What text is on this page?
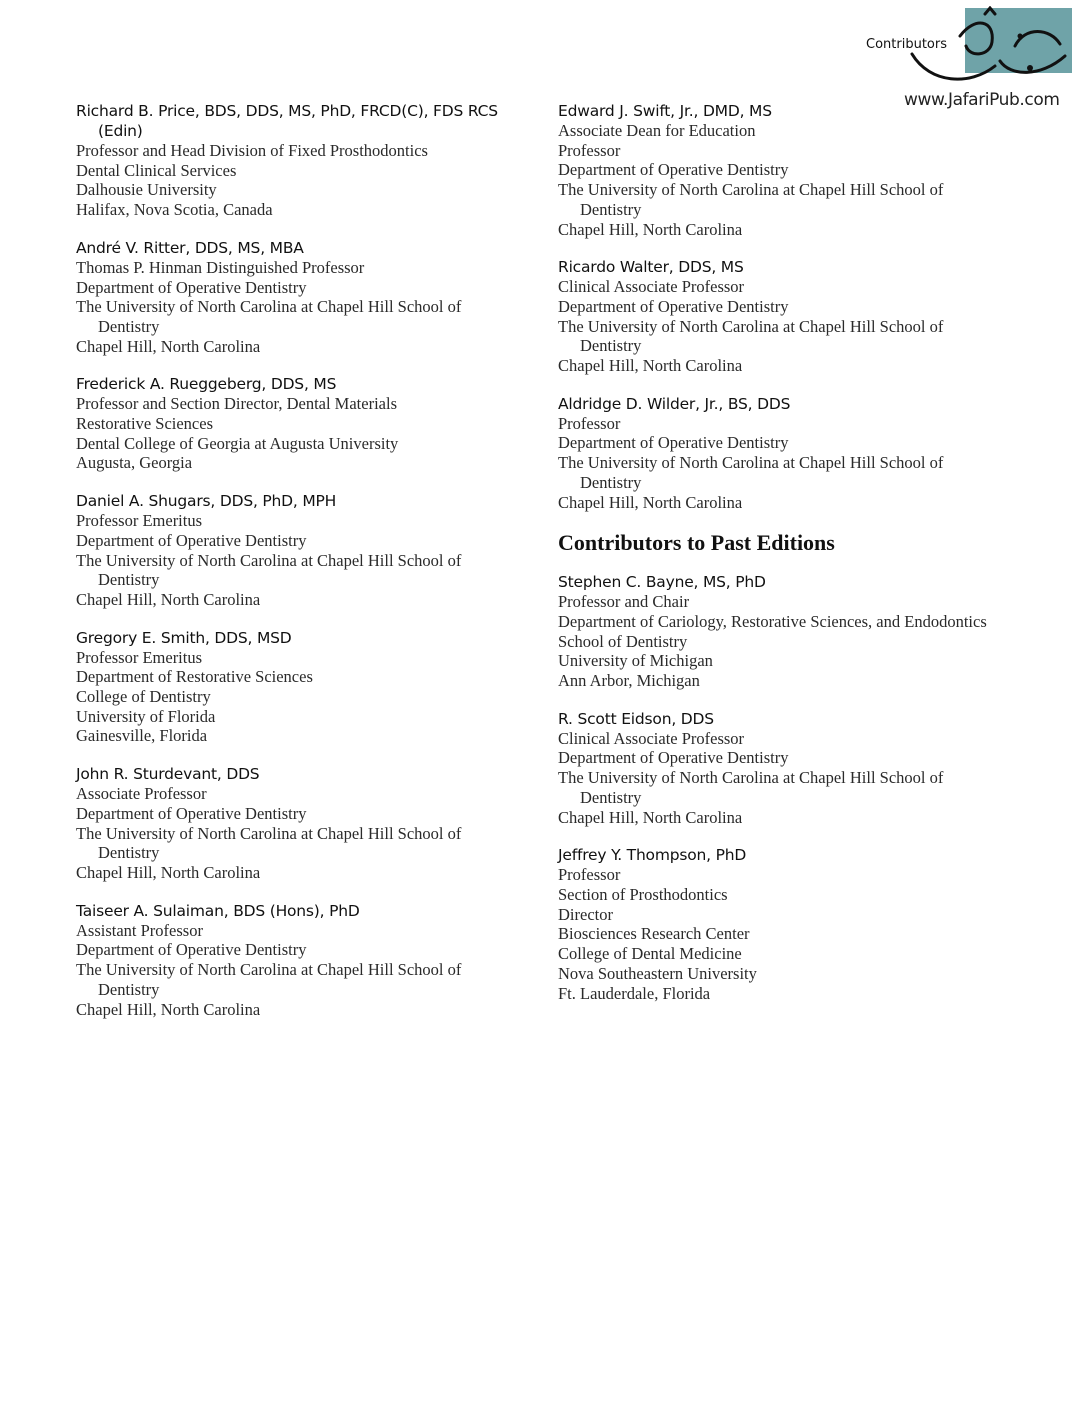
Contributors
www.JafariPub.com
Richard B. Price, BDS, DDS, MS, PhD, FRCD(C), FDS RCS (Edin)
Professor and Head Division of Fixed Prosthodontics
Dental Clinical Services
Dalhousie University
Halifax, Nova Scotia, Canada
André V. Ritter, DDS, MS, MBA
Thomas P. Hinman Distinguished Professor
Department of Operative Dentistry
The University of North Carolina at Chapel Hill School of Dentistry
Chapel Hill, North Carolina
Frederick A. Rueggeberg, DDS, MS
Professor and Section Director, Dental Materials
Restorative Sciences
Dental College of Georgia at Augusta University
Augusta, Georgia
Daniel A. Shugars, DDS, PhD, MPH
Professor Emeritus
Department of Operative Dentistry
The University of North Carolina at Chapel Hill School of Dentistry
Chapel Hill, North Carolina
Gregory E. Smith, DDS, MSD
Professor Emeritus
Department of Restorative Sciences
College of Dentistry
University of Florida
Gainesville, Florida
John R. Sturdevant, DDS
Associate Professor
Department of Operative Dentistry
The University of North Carolina at Chapel Hill School of Dentistry
Chapel Hill, North Carolina
Taiseer A. Sulaiman, BDS (Hons), PhD
Assistant Professor
Department of Operative Dentistry
The University of North Carolina at Chapel Hill School of Dentistry
Chapel Hill, North Carolina
Edward J. Swift, Jr., DMD, MS
Associate Dean for Education
Professor
Department of Operative Dentistry
The University of North Carolina at Chapel Hill School of Dentistry
Chapel Hill, North Carolina
Ricardo Walter, DDS, MS
Clinical Associate Professor
Department of Operative Dentistry
The University of North Carolina at Chapel Hill School of Dentistry
Chapel Hill, North Carolina
Aldridge D. Wilder, Jr., BS, DDS
Professor
Department of Operative Dentistry
The University of North Carolina at Chapel Hill School of Dentistry
Chapel Hill, North Carolina
Contributors to Past Editions
Stephen C. Bayne, MS, PhD
Professor and Chair
Department of Cariology, Restorative Sciences, and Endodontics
School of Dentistry
University of Michigan
Ann Arbor, Michigan
R. Scott Eidson, DDS
Clinical Associate Professor
Department of Operative Dentistry
The University of North Carolina at Chapel Hill School of Dentistry
Chapel Hill, North Carolina
Jeffrey Y. Thompson, PhD
Professor
Section of Prosthodontics
Director
Biosciences Research Center
College of Dental Medicine
Nova Southeastern University
Ft. Lauderdale, Florida
